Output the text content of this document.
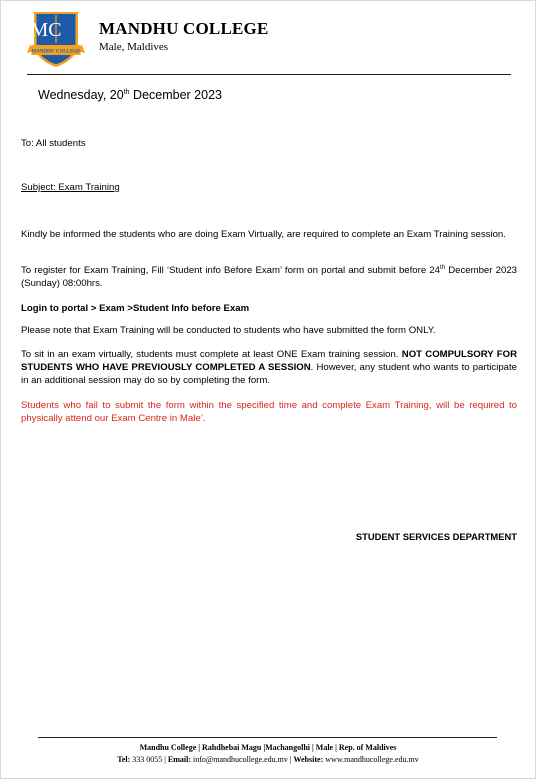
MC
MANDHU COLLEGE
MANDHU COLLEGE
Male, Maldives
Wednesday, 20th December 2023
To: All students
Subject: Exam Training
Kindly be informed the students who are doing Exam Virtually, are required to complete an Exam Training session.
To register for Exam Training, Fill ‘Student info Before Exam’ form on portal and submit before 24th December 2023 (Sunday) 08:00hrs.
Login to portal > Exam >Student Info before Exam
Please note that Exam Training will be conducted to students who have submitted the form ONLY.
To sit in an exam virtually, students must complete at least ONE Exam training session. NOT COMPULSORY FOR STUDENTS WHO HAVE PREVIOUSLY COMPLETED A SESSION. However, any student who wants to participate in an additional session may do so by completing the form.
Students who fail to submit the form within the specified time and complete Exam Training, will be required to physically attend our Exam Centre in Male’.
STUDENT SERVICES DEPARTMENT
Mandhu College | Rahdhebai Magu |Machangolhi | Male | Rep. of Maldives
Tel: 333 0055 | Email: info@mandhucollege.edu.mv | Website: www.mandhucollege.edu.mv
